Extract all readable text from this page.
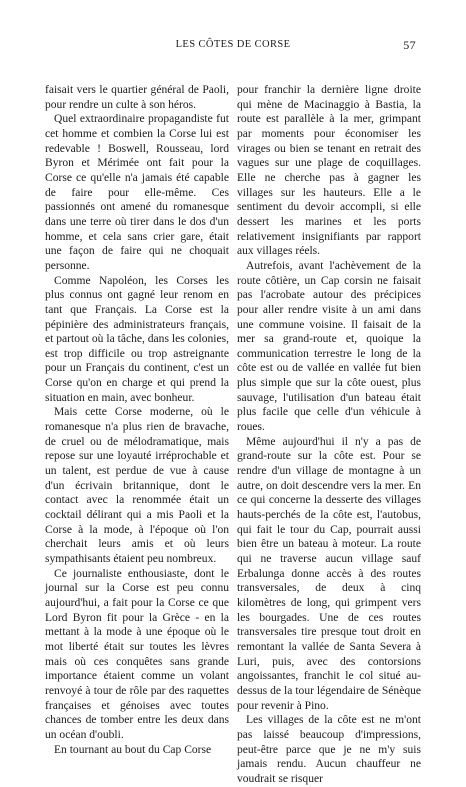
LES CÔTES DE CORSE	57

faisait vers le quartier général de Paoli, pour rendre un culte à son héros.

Quel extraordinaire propagandiste fut cet homme et combien la Corse lui est redevable ! Boswell, Rousseau, lord Byron et Mérimée ont fait pour la Corse ce qu'elle n'a jamais été capable de faire pour elle-même. Ces passionnés ont amené du romanesque dans une terre où tirer dans le dos d'un homme, et cela sans crier gare, était une façon de faire qui ne choquait personne.

Comme Napoléon, les Corses les plus connus ont gagné leur renom en tant que Français. La Corse est la pépinière des administrateurs français, et partout où la tâche, dans les colonies, est trop difficile ou trop astreignante pour un Français du continent, c'est un Corse qu'on en charge et qui prend la situation en main, avec bonheur.

Mais cette Corse moderne, où le romanesque n'a plus rien de bravache, de cruel ou de mélodramatique, mais repose sur une loyauté irréprochable et un talent, est perdue de vue à cause d'un écrivain britannique, dont le contact avec la renommée était un cocktail délirant qui a mis Paoli et la Corse à la mode, à l'époque où l'on cherchait leurs amis et où leurs sympathisants étaient peu nombreux.

Ce journaliste enthousiaste, dont le journal sur la Corse est peu connu aujourd'hui, a fait pour la Corse ce que Lord Byron fit pour la Grèce - en la mettant à la mode à une époque où le mot liberté était sur toutes les lèvres mais où ces conquêtes sans grande importance étaient comme un volant renvoyé à tour de rôle par des raquettes françaises et génoises avec toutes chances de tomber entre les deux dans un océan d'oubli.

En tournant au bout du Cap Corse

pour franchir la dernière ligne droite qui mène de Macinaggio à Bastia, la route est parallèle à la mer, grimpant par moments pour économiser les virages ou bien se tenant en retrait des vagues sur une plage de coquillages. Elle ne cherche pas à gagner les villages sur les hauteurs. Elle a le sentiment du devoir accompli, si elle dessert les marines et les ports relativement insignifiants par rapport aux villages réels.

Autrefois, avant l'achèvement de la route côtière, un Cap corsin ne faisait pas l'acrobate autour des précipices pour aller rendre visite à un ami dans une commune voisine. Il faisait de la mer sa grand-route et, quoique la communication terrestre le long de la côte est ou de vallée en vallée fut bien plus simple que sur la côte ouest, plus sauvage, l'utilisation d'un bateau était plus facile que celle d'un véhicule à roues.

Même aujourd'hui il n'y a pas de grand-route sur la côte est. Pour se rendre d'un village de montagne à un autre, on doit descendre vers la mer. En ce qui concerne la desserte des villages hauts-perchés de la côte est, l'autobus, qui fait le tour du Cap, pourrait aussi bien être un bateau à moteur. La route qui ne traverse aucun village sauf Erbalunga donne accès à des routes transversales, de deux à cinq kilomètres de long, qui grimpent vers les bourgades. Une de ces routes transversales tire presque tout droit en remontant la vallée de Santa Severa à Luri, puis, avec des contorsions angoissantes, franchit le col situé au-dessus de la tour légendaire de Sénèque pour revenir à Pino.

Les villages de la côte est ne m'ont pas laissé beaucoup d'impressions, peut-être parce que je ne m'y suis jamais rendu. Aucun chauffeur ne voudrait se risquer
